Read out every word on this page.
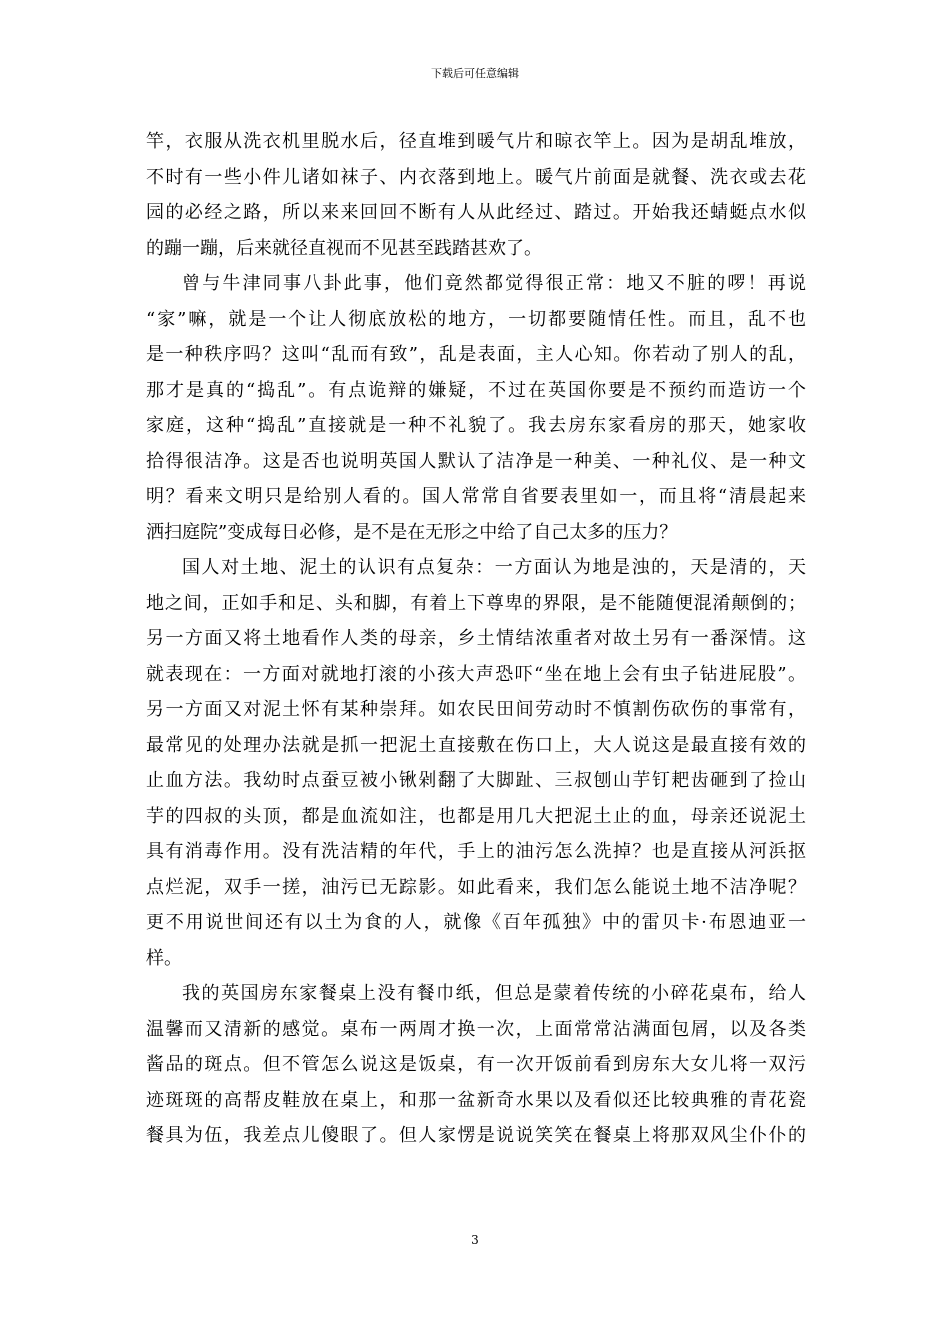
下载后可任意编辑
竿，衣服从洗衣机里脱水后，径直堆到暖气片和晾衣竿上。因为是胡乱堆放，
不时有一些小件儿诸如袜子、内衣落到地上。暖气片前面是就餐、洗衣或去花
园的必经之路，所以来来回回不断有人从此经过、踏过。开始我还蜻蜓点水似
的蹦一蹦，后来就径直视而不见甚至践踏甚欢了。
曾与牛津同事八卦此事，他们竟然都觉得很正常：地又不脏的啰！再说
“家”嘛，就是一个让人彻底放松的地方，一切都要随情任性。而且，乱不也
是一种秩序吗？这叫“乱而有致”，乱是表面，主人心知。你若动了别人的乱，
那才是真的“捣乱”。有点诡辩的嫌疑，不过在英国你要是不预约而造访一个
家庭，这种“捣乱”直接就是一种不礼貌了。我去房东家看房的那天，她家收
拾得很洁净。这是否也说明英国人默认了洁净是一种美、一种礼仪、是一种文
明？看来文明只是给别人看的。国人常常自省要表里如一，而且将“清晨起来
洒扫庭院”变成每日必修，是不是在无形之中给了自己太多的压力？
国人对土地、泥土的认识有点复杂：一方面认为地是浊的，天是清的，天
地之间，正如手和足、头和脚，有着上下尊卑的界限，是不能随便混淆颠倒的；
另一方面又将土地看作人类的母亲，乡土情结浓重者对故土另有一番深情。这
就表现在：一方面对就地打滚的小孩大声恐吓“坐在地上会有虫子钻进屁股”。
另一方面又对泥土怀有某种崇拜。如农民田间劳动时不慎割伤砍伤的事常有，
最常见的处理办法就是抓一把泥土直接敷在伤口上，大人说这是最直接有效的
止血方法。我幼时点蚕豆被小锹剁翻了大脚趾、三叔刨山芋钉耙齿砸到了捡山
芋的四叔的头顶，都是血流如注，也都是用几大把泥土止的血，母亲还说泥土
具有消毒作用。没有洗洁精的年代，手上的油污怎么洗掉？也是直接从河浜抠
点烂泥，双手一搓，油污已无踪影。如此看来，我们怎么能说土地不洁净呢？
更不用说世间还有以土为食的人，就像《百年孤独》中的雷贝卡·布恩迪亚一
样。
我的英国房东家餐桌上没有餐巾纸，但总是蒙着传统的小碎花桌布，给人
温馨而又清新的感觉。桌布一两周才换一次，上面常常沾满面包屑，以及各类
酱品的斑点。但不管怎么说这是饭桌，有一次开饭前看到房东大女儿将一双污
迹斑斑的高帮皮鞋放在桌上，和那一盆新奇水果以及看似还比较典雅的青花瓷
餐具为伍，我差点儿傻眼了。但人家愣是说说笑笑在餐桌上将那双风尘仆仆的
3
